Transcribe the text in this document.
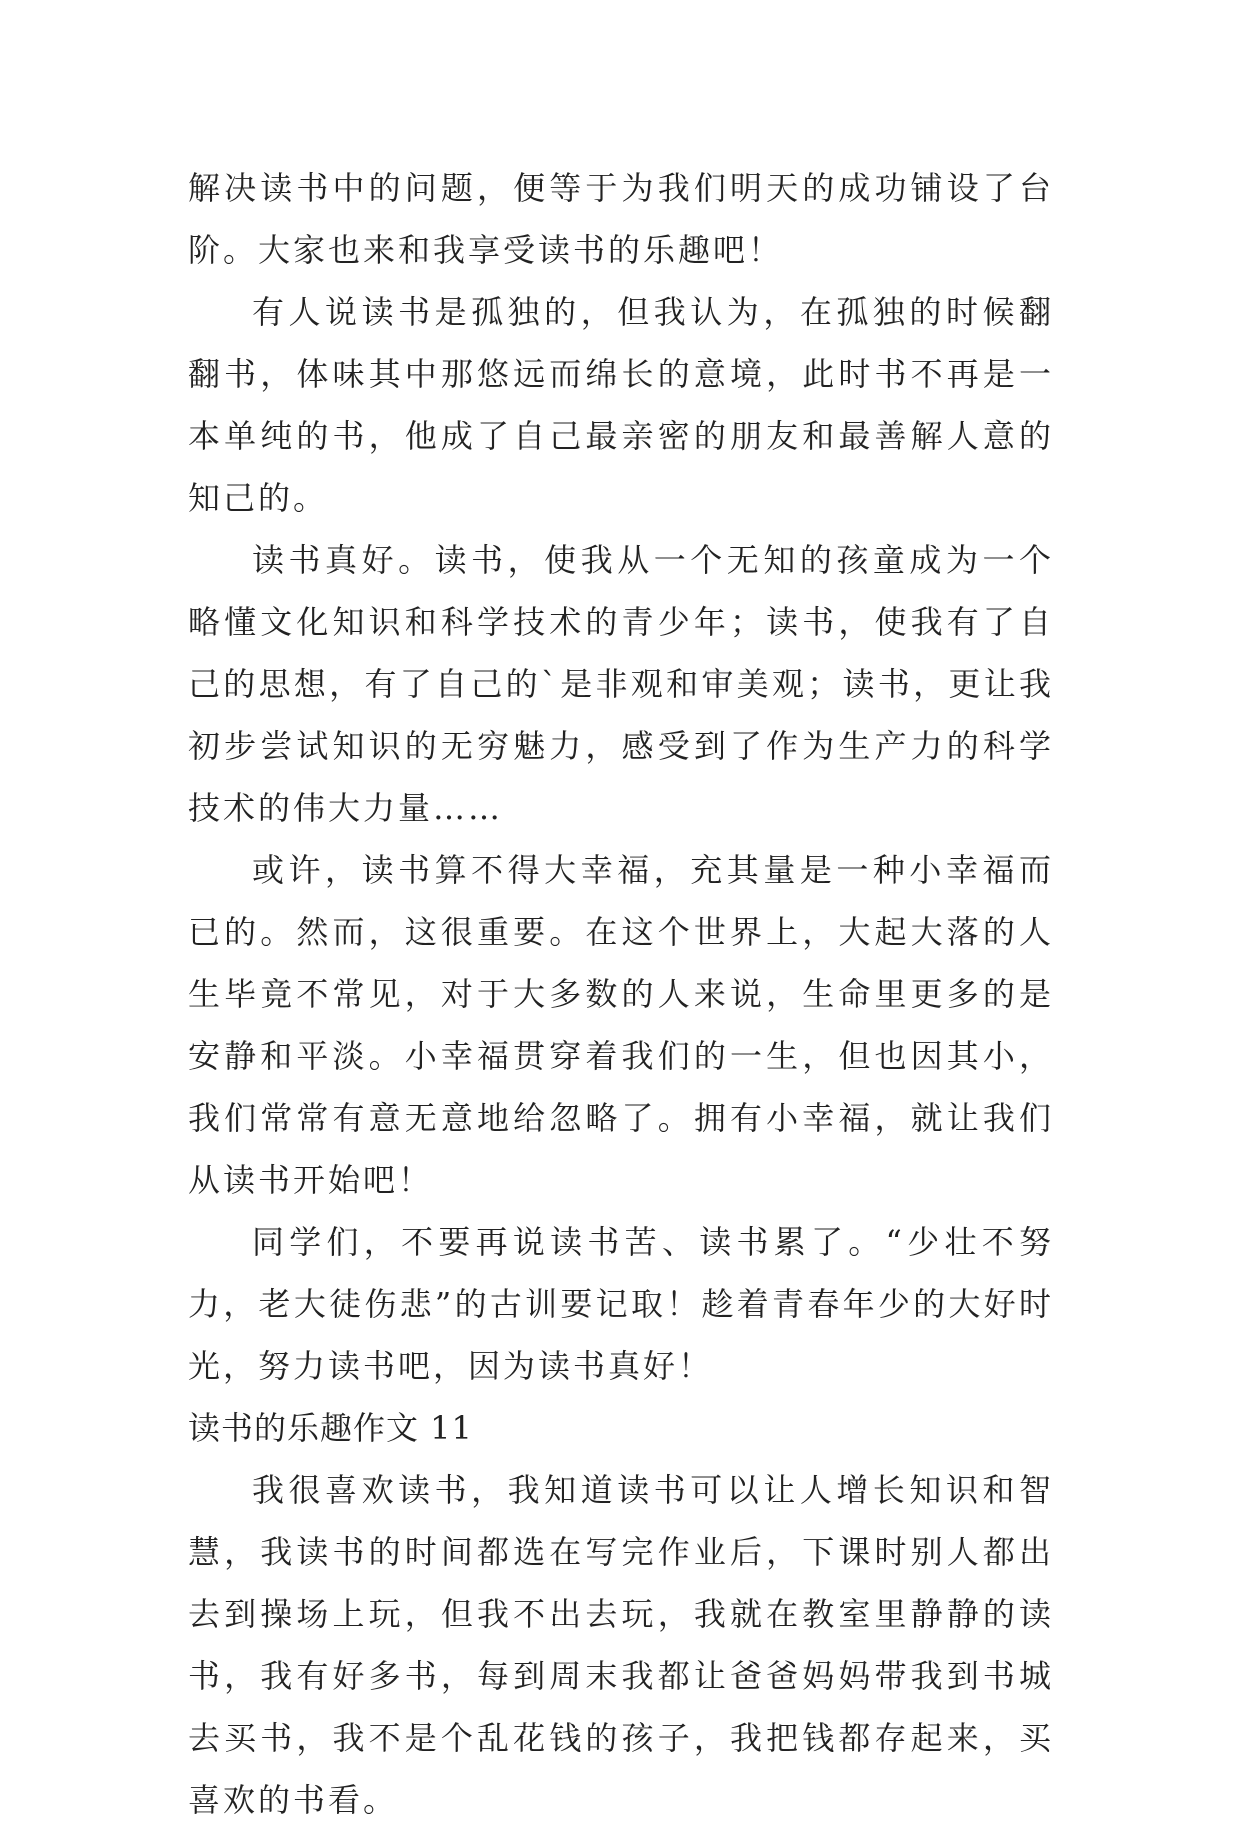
解决读书中的问题，便等于为我们明天的成功铺设了台阶。大家也来和我享受读书的乐趣吧！

有人说读书是孤独的，但我认为，在孤独的时候翻翻书，体味其中那悠远而绵长的意境，此时书不再是一本单纯的书，他成了自己最亲密的朋友和最善解人意的知己的。

读书真好。读书，使我从一个无知的孩童成为一个略懂文化知识和科学技术的青少年；读书，使我有了自己的思想，有了自己的`是非观和审美观；读书，更让我初步尝试知识的无穷魅力，感受到了作为生产力的科学技术的伟大力量……

或许，读书算不得大幸福，充其量是一种小幸福而已的。然而，这很重要。在这个世界上，大起大落的人生毕竟不常见，对于大多数的人来说，生命里更多的是安静和平淡。小幸福贯穿着我们的一生，但也因其小，我们常常有意无意地给忽略了。拥有小幸福，就让我们从读书开始吧！

同学们，不要再说读书苦、读书累了。“少壮不努力，老大徒伤悲”的古训要记取！趁着青春年少的大好时光，努力读书吧，因为读书真好！

读书的乐趣作文 11

我很喜欢读书，我知道读书可以让人增长知识和智慧，我读书的时间都选在写完作业后，下课时别人都出去到操场上玩，但我不出去玩，我就在教室里静静的读书，我有好多书，每到周末我都让爸爸妈妈带我到书城去买书，我不是个乱花钱的孩子，我把钱都存起来，买喜欢的书看。
